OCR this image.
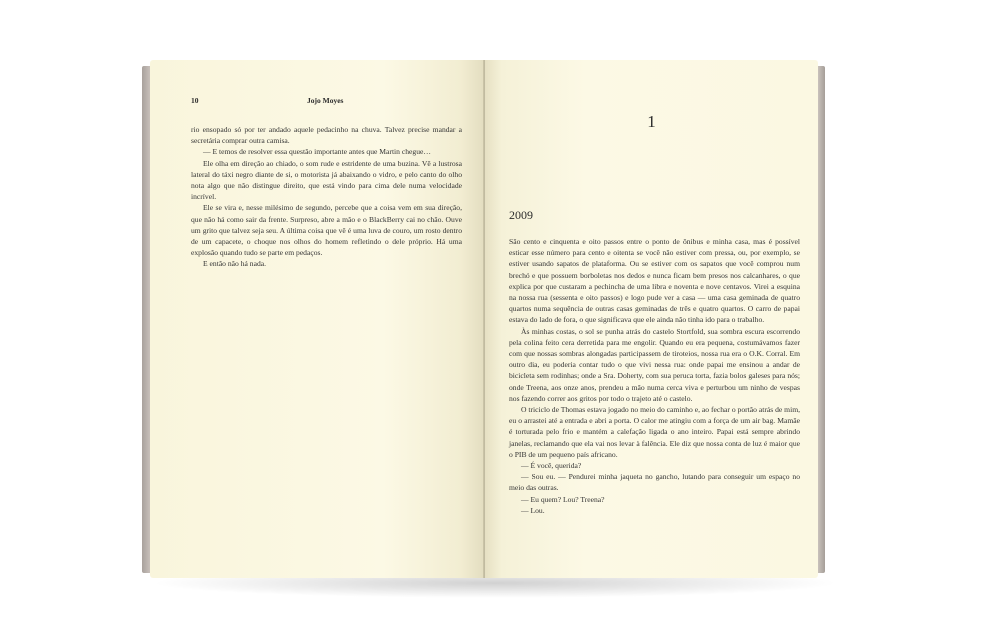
10	Jojo Moyes

rio ensopado só por ter andado aquele pedacinho na chuva. Talvez precise mandar a secretária comprar outra camisa.

— E temos de resolver essa questão importante antes que Martin chegue…

Ele olha em direção ao chiado, o som rude e estridente de uma buzina. Vê a lustrosa lateral do táxi negro diante de si, o motorista já abaixando o vidro, e pelo canto do olho nota algo que não distingue direito, que está vindo para cima dele numa velocidade incrível.

Ele se vira e, nesse milésimo de segundo, percebe que a coisa vem em sua direção, que não há como sair da frente. Surpreso, abre a mão e o BlackBerry cai no chão. Ouve um grito que talvez seja seu. A última coisa que vê é uma luva de couro, um rosto dentro de um capacete, o choque nos olhos do homem refletindo o dele próprio. Há uma explosão quando tudo se parte em pedaços.

E então não há nada.

1
2009

São cento e cinquenta e oito passos entre o ponto de ônibus e minha casa, mas é possível esticar esse número para cento e oitenta se você não estiver com pressa, ou, por exemplo, se estiver usando sapatos de plataforma. Ou se estiver com os sapatos que você comprou num brechó e que possuem borboletas nos dedos e nunca ficam bem presos nos calcanhares, o que explica por que custaram a pechincha de uma libra e noventa e nove centavos. Virei a esquina na nossa rua (sessenta e oito passos) e logo pude ver a casa — uma casa geminada de quatro quartos numa sequência de outras casas geminadas de três e quatro quartos. O carro de papai estava do lado de fora, o que significava que ele ainda não tinha ido para o trabalho.

Às minhas costas, o sol se punha atrás do castelo Stortfold, sua sombra escura escorrendo pela colina feito cera derretida para me engolir. Quando eu era pequena, costumávamos fazer com que nossas sombras alongadas participassem de tiroteios, nossa rua era o O.K. Corral. Em outro dia, eu poderia contar tudo o que vivi nessa rua: onde papai me ensinou a andar de bicicleta sem rodinhas; onde a Sra. Doherty, com sua peruca torta, fazia bolos galeses para nós; onde Treena, aos onze anos, prendeu a mão numa cerca viva e perturbou um ninho de vespas nos fazendo correr aos gritos por todo o trajeto até o castelo.

O triciclo de Thomas estava jogado no meio do caminho e, ao fechar o portão atrás de mim, eu o arrastei até a entrada e abri a porta. O calor me atingiu com a força de um air bag. Mamãe é torturada pelo frio e mantém a calefação ligada o ano inteiro. Papai está sempre abrindo janelas, reclamando que ela vai nos levar à falência. Ele diz que nossa conta de luz é maior que o PIB de um pequeno país africano.

— É você, querida?

— Sou eu. — Pendurei minha jaqueta no gancho, lutando para conseguir um espaço no meio das outras.

— Eu quem? Lou? Treena?

— Lou.
